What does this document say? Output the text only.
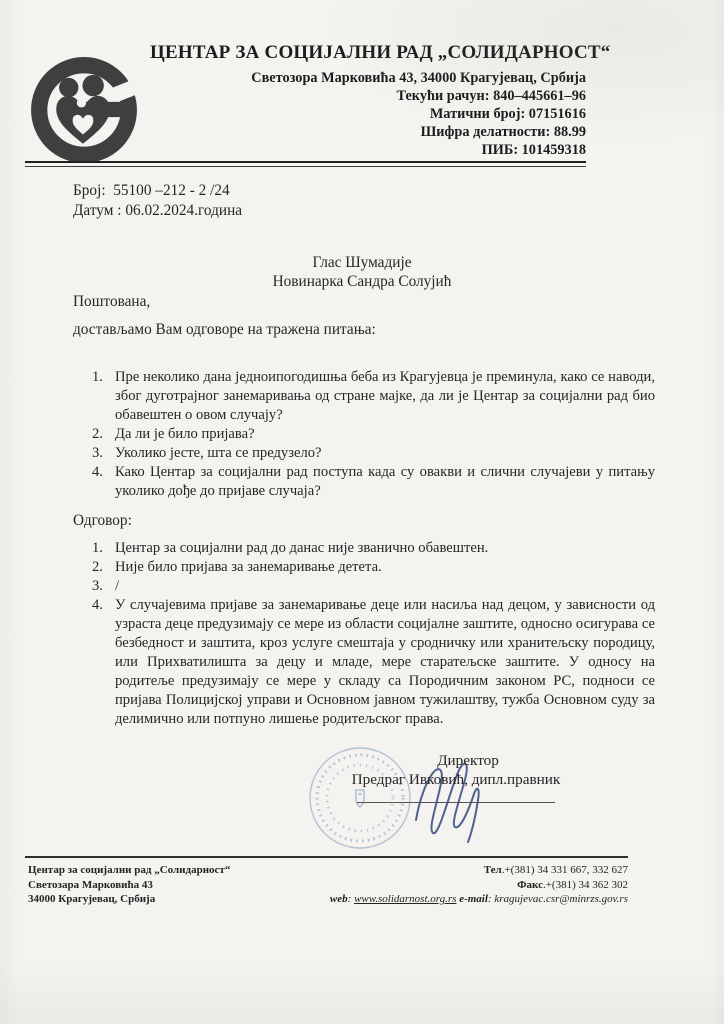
ЦЕНТАР ЗА СОЦИЈАЛНИ РАД „СОЛИДАРНОСТ“
Светозора Марковића 43, 34000 Крагујевац, Србија
Текући рачун: 840–445661–96
Матични број: 07151616
Шифра делатности: 88.99
ПИБ: 101459318
Број:  55100 –212 - 2 /24
Датум : 06.02.2024.година
Глас Шумадије
Новинарка Сандра Солујић
Поштована,
достављамо Вам одговоре на тражена питања:
Пре неколико дана једноипогодишња беба из Крагујевца је преминула, како се наводи, због дуготрајног занемаривања од стране мајке, да ли је Центар за социјални рад био обавештен о овом случају?
Да ли је било пријава?
Уколико јесте, шта се предузело?
Како Центар за социјални рад поступа када су овакви и слични случајеви у питању уколико дође до пријаве случаја?
Одговор:
Центар за социјални рад до данас није званично обавештен.
Није било пријава за занемаривање детета.
/
У случајевима пријаве за занемаривање деце или насиља над децом, у зависности од узраста деце предузимају се мере из области социјалне заштите, односно осигурава се безбедност и заштита, кроз услуге смештаја у сродничку или хранитељску породицу, или Прихватилишта за децу и младе, мере старатељске заштите. У односу на родитеље предузимају се мере у складу са Породичним законом РС, подноси се пријава Полицијској управи и Основном јавном тужилаштву, тужба Основном суду за делимично или потпуно лишење родитељског права.
Директор
Предраг Ивковић, дипл.правник
Центар за социјални рад „Солидарност“
Светозара Марковића 43
34000 Крагујевац, Србија
Тел.+(381) 34 331 667, 332 627
Факс.+(381) 34 362 302
web: www.solidarnost.org.rs e-mail: kragujevac.csr@minrzs.gov.rs
